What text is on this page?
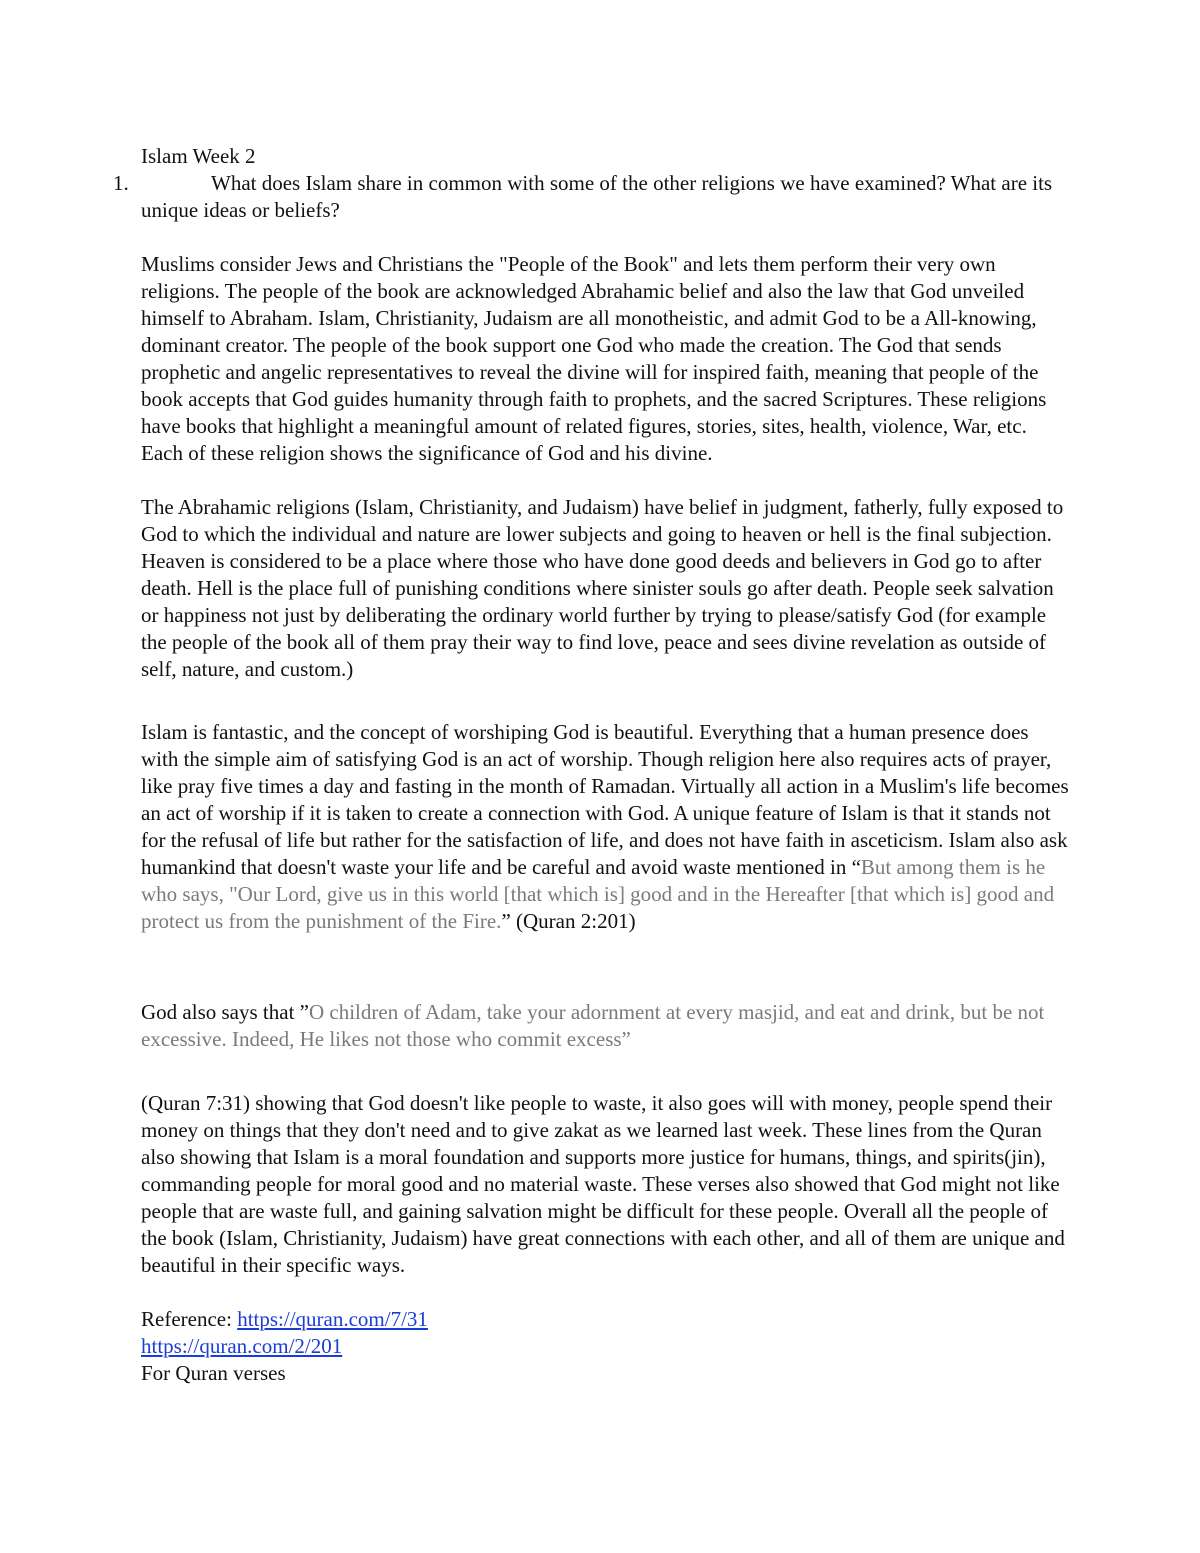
Islam Week 2
1.	What does Islam share in common with some of the other religions we have examined? What are its unique ideas or beliefs?
Muslims consider Jews and Christians the "People of the Book" and lets them perform their very own religions. The people of the book are acknowledged Abrahamic belief and also the law that God unveiled himself to Abraham. Islam, Christianity, Judaism are all monotheistic, and admit God to be a All-knowing, dominant creator. The people of the book support one God who made the creation. The God that sends prophetic and angelic representatives to reveal the divine will for inspired faith, meaning that people of the book accepts that God guides humanity through faith to prophets, and the sacred Scriptures. These religions have books that highlight a meaningful amount of related figures, stories, sites, health, violence, War, etc. Each of these religion shows the significance of God and his divine.
The Abrahamic religions (Islam, Christianity, and Judaism) have belief in judgment, fatherly, fully exposed to God to which the individual and nature are lower subjects and going to heaven or hell is the final subjection. Heaven is considered to be a place where those who have done good deeds and believers in God go to after death. Hell is the place full of punishing conditions where sinister souls go after death. People seek salvation or happiness not just by deliberating the ordinary world further by trying to please/satisfy God (for example the people of the book all of them pray their way to find love, peace and sees divine revelation as outside of self, nature, and custom.)
Islam is fantastic, and the concept of worshiping God is beautiful. Everything that a human presence does with the simple aim of satisfying God is an act of worship. Though religion here also requires acts of prayer, like pray five times a day and fasting in the month of Ramadan. Virtually all action in a Muslim's life becomes an act of worship if it is taken to create a connection with God. A unique feature of Islam is that it stands not for the refusal of life but rather for the satisfaction of life, and does not have faith in asceticism. Islam also ask humankind that doesn't waste your life and be careful and avoid waste mentioned in “But among them is he who says, "Our Lord, give us in this world [that which is] good and in the Hereafter [that which is] good and protect us from the punishment of the Fire.” (Quran 2:201)
God also says that ”O children of Adam, take your adornment at every masjid, and eat and drink, but be not excessive. Indeed, He likes not those who commit excess”
(Quran 7:31) showing that God doesn't like people to waste, it also goes will with money, people spend their money on things that they don't need and to give zakat as we learned last week. These lines from the Quran also showing that Islam is a moral foundation and supports more justice for humans, things, and spirits(jin), commanding people for moral good and no material waste. These verses also showed that God might not like people that are waste full, and gaining salvation might be difficult for these people. Overall all the people of the book (Islam, Christianity, Judaism) have great connections with each other, and all of them are unique and beautiful in their specific ways.
Reference: https://quran.com/7/31
https://quran.com/2/201
For Quran verses
